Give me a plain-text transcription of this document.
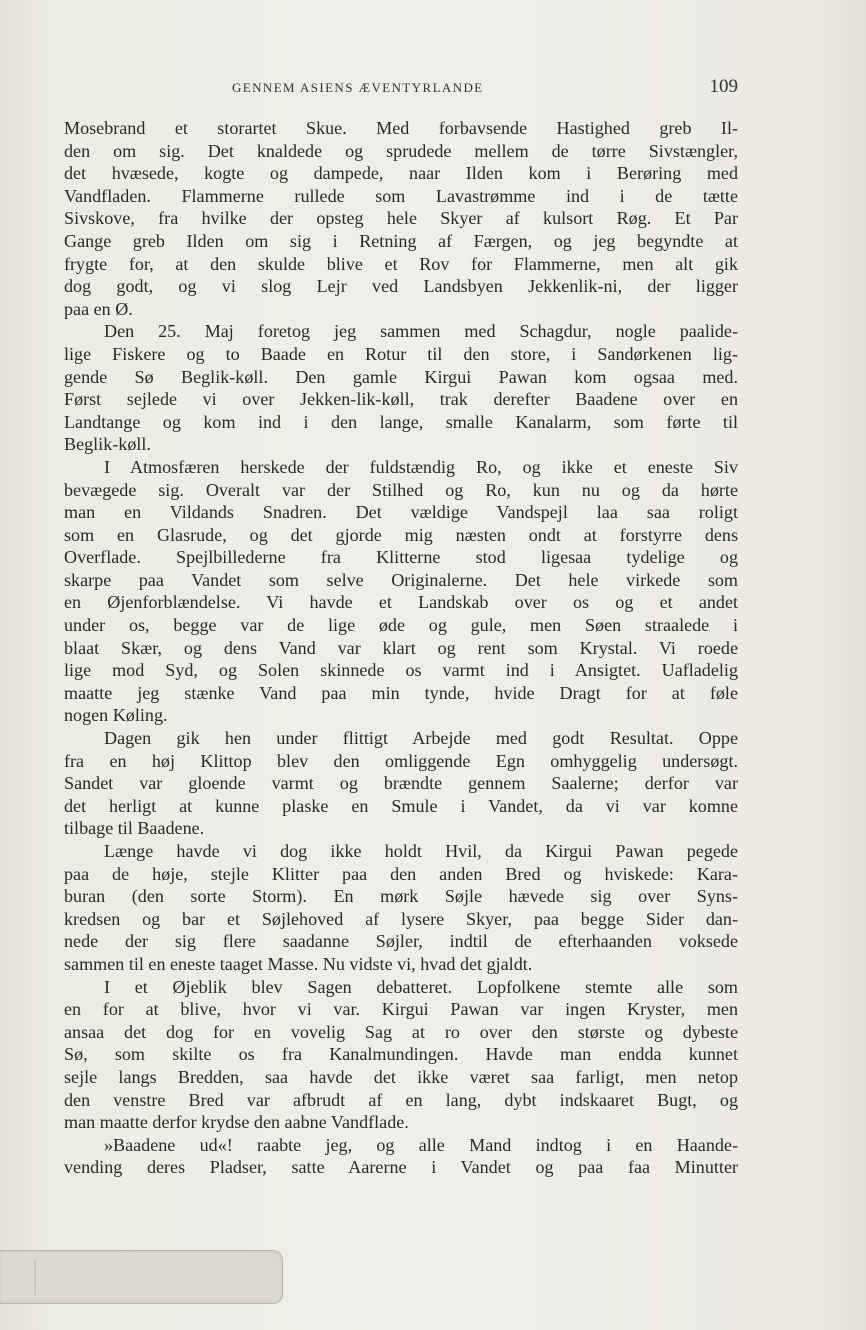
GENNEM ASIENS ÆVENTYRLANDE	109
Mosebrand et storartet Skue. Med forbavsende Hastighed greb Il-
den om sig. Det knaldede og sprudede mellem de tørre Sivstængler,
det hvæsede, kogte og dampede, naar Ilden kom i Berøring med
Vandfladen. Flammerne rullede som Lavastrømme ind i de tætte
Sivskove, fra hvilke der opsteg hele Skyer af kulsort Røg. Et Par
Gange greb Ilden om sig i Retning af Færgen, og jeg begyndte at
frygte for, at den skulde blive et Rov for Flammerne, men alt gik
dog godt, og vi slog Lejr ved Landsbyen Jekkenlik-ni, der ligger
paa en Ø.
Den 25. Maj foretog jeg sammen med Schagdur, nogle paalide-
lige Fiskere og to Baade en Rotur til den store, i Sandørkenen lig-
gende Sø Beglik-køll. Den gamle Kirgui Pawan kom ogsaa med.
Først sejlede vi over Jekken-lik-køll, trak derefter Baadene over en
Landtange og kom ind i den lange, smalle Kanalarm, som førte til
Beglik-køll.
I Atmosfæren herskede der fuldstændig Ro, og ikke et eneste Siv
bevægede sig. Overalt var der Stilhed og Ro, kun nu og da hørte
man en Vildands Snadren. Det vældige Vandspejl laa saa roligt
som en Glasrude, og det gjorde mig næsten ondt at forstyrre dens
Overflade. Spejlbillederne fra Klitterne stod ligesaa tydelige og
skarpe paa Vandet som selve Originalerne. Det hele virkede som
en Øjenforblændelse. Vi havde et Landskab over os og et andet
under os, begge var de lige øde og gule, men Søen straalede i
blaat Skær, og dens Vand var klart og rent som Krystal. Vi roede
lige mod Syd, og Solen skinnede os varmt ind i Ansigtet. Uafladelig
maatte jeg stænke Vand paa min tynde, hvide Dragt for at føle
nogen Køling.
Dagen gik hen under flittigt Arbejde med godt Resultat. Oppe
fra en høj Klittop blev den omliggende Egn omhyggelig undersøgt.
Sandet var gloende varmt og brændte gennem Saalerne; derfor var
det herligt at kunne plaske en Smule i Vandet, da vi var komne
tilbage til Baadene.
Længe havde vi dog ikke holdt Hvil, da Kirgui Pawan pegede
paa de høje, stejle Klitter paa den anden Bred og hviskede: Kara-
buran (den sorte Storm). En mørk Søjle hævede sig over Syns-
kredsen og bar et Søjlehoved af lysere Skyer, paa begge Sider dan-
nede der sig flere saadanne Søjler, indtil de efterhaanden voksede
sammen til en eneste taaget Masse. Nu vidste vi, hvad det gjaldt.
I et Øjeblik blev Sagen debatteret. Lopfolkene stemte alle som
en for at blive, hvor vi var. Kirgui Pawan var ingen Kryster, men
ansaa det dog for en vovelig Sag at ro over den største og dybeste
Sø, som skilte os fra Kanalmundingen. Havde man endda kunnet
sejle langs Bredden, saa havde det ikke været saa farligt, men netop
den venstre Bred var afbrudt af en lang, dybt indskaaret Bugt, og
man maatte derfor krydse den aabne Vandflade.
»Baadene ud«! raabte jeg, og alle Mand indtog i en Haande-
vending deres Pladser, satte Aarerne i Vandet og paa faa Minutter
